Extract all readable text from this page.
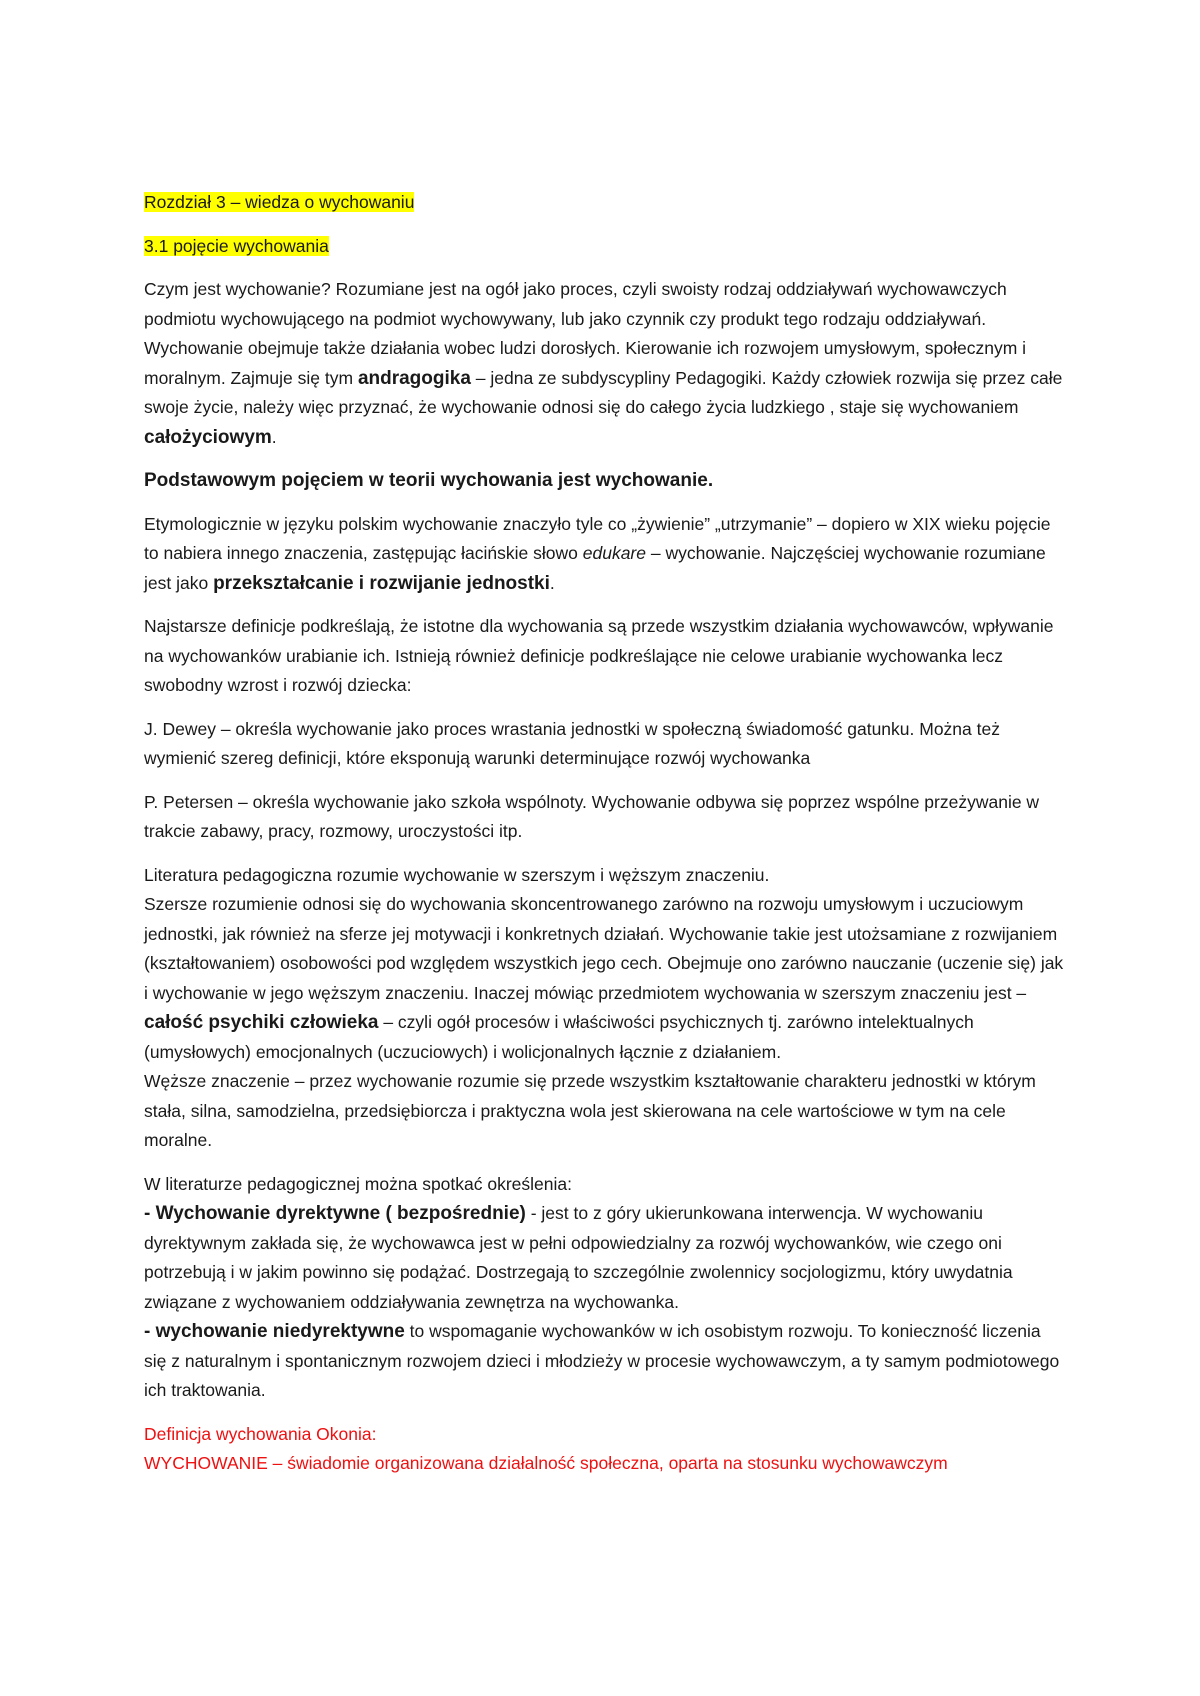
Rozdział 3 – wiedza o wychowaniu

3.1 pojęcie wychowania

Czym jest wychowanie? Rozumiane jest na ogół jako proces, czyli swoisty rodzaj oddziaływań wychowawczych podmiotu wychowującego na podmiot wychowywany, lub jako czynnik czy produkt tego rodzaju oddziaływań. Wychowanie obejmuje także działania wobec ludzi dorosłych. Kierowanie ich rozwojem umysłowym, społecznym i moralnym. Zajmuje się tym andragogika – jedna ze subdyscypliny Pedagogiki. Każdy człowiek rozwija się przez całe swoje życie, należy więc przyznać, że wychowanie odnosi się do całego życia ludzkiego , staje się wychowaniem całożyciowym.

Podstawowym pojęciem w teorii wychowania jest wychowanie.

Etymologicznie w języku polskim wychowanie znaczyło tyle co „żywienie” „utrzymanie” – dopiero w XIX wieku pojęcie to nabiera innego znaczenia, zastępując łacińskie słowo edukare – wychowanie. Najczęściej wychowanie rozumiane jest jako przekształcanie i rozwijanie jednostki.

Najstarsze definicje podkreślają, że istotne dla wychowania są przede wszystkim działania wychowawców, wpływanie na wychowanków urabianie ich. Istnieją również definicje podkreślające nie celowe urabianie wychowanka lecz swobodny wzrost i rozwój dziecka:

J. Dewey – określa wychowanie jako proces wrastania jednostki w społeczną świadomość gatunku. Można też wymienić szereg definicji, które eksponują warunki determinujące rozwój wychowanka

P. Petersen – określa wychowanie jako szkoła wspólnoty. Wychowanie odbywa się poprzez wspólne przeżywanie w trakcie zabawy, pracy, rozmowy, uroczystości itp.

Literatura pedagogiczna rozumie wychowanie w szerszym i węższym znaczeniu.

Szersze rozumienie odnosi się do wychowania skoncentrowanego zarówno na rozwoju umysłowym i uczuciowym jednostki, jak również na sferze jej motywacji i konkretnych działań. Wychowanie takie jest utożsamiane z rozwijaniem (kształtowaniem) osobowości pod względem wszystkich jego cech. Obejmuje ono zarówno nauczanie (uczenie się) jak i wychowanie w jego węższym znaczeniu. Inaczej mówiąc przedmiotem wychowania w szerszym znaczeniu jest –całość psychiki człowieka – czyli ogół procesów i właściwości psychicznych tj. zarówno intelektualnych (umysłowych) emocjonalnych (uczuciowych) i wolicjonalnych łącznie z działaniem.

Węższe znaczenie – przez wychowanie rozumie się przede wszystkim kształtowanie charakteru jednostki w którym stała, silna, samodzielna, przedsiębiorcza i praktyczna wola jest skierowana na cele wartościowe w tym na cele moralne.

W literaturze pedagogicznej można spotkać określenia:

- Wychowanie dyrektywne ( bezpośrednie) - jest to z góry ukierunkowana interwencja. W wychowaniu dyrektywnym zakłada się, że wychowawca jest w pełni odpowiedzialny za rozwój wychowanków, wie czego oni potrzebują i w jakim powinno się podążać. Dostrzegają to szczególnie zwolennicy socjologizmu, który uwydatnia związane z wychowaniem oddziaływania zewnętrza na wychowanka.

- wychowanie niedyrektywne to wspomaganie wychowanków w ich osobistym rozwoju. To konieczność liczenia się z naturalnym i spontanicznym rozwojem dzieci i młodzieży w procesie wychowawczym, a ty samym podmiotowego ich traktowania.

Definicja wychowania Okonia:

WYCHOWANIE – świadomie organizowana działalność społeczna, oparta na stosunku wychowawczym
